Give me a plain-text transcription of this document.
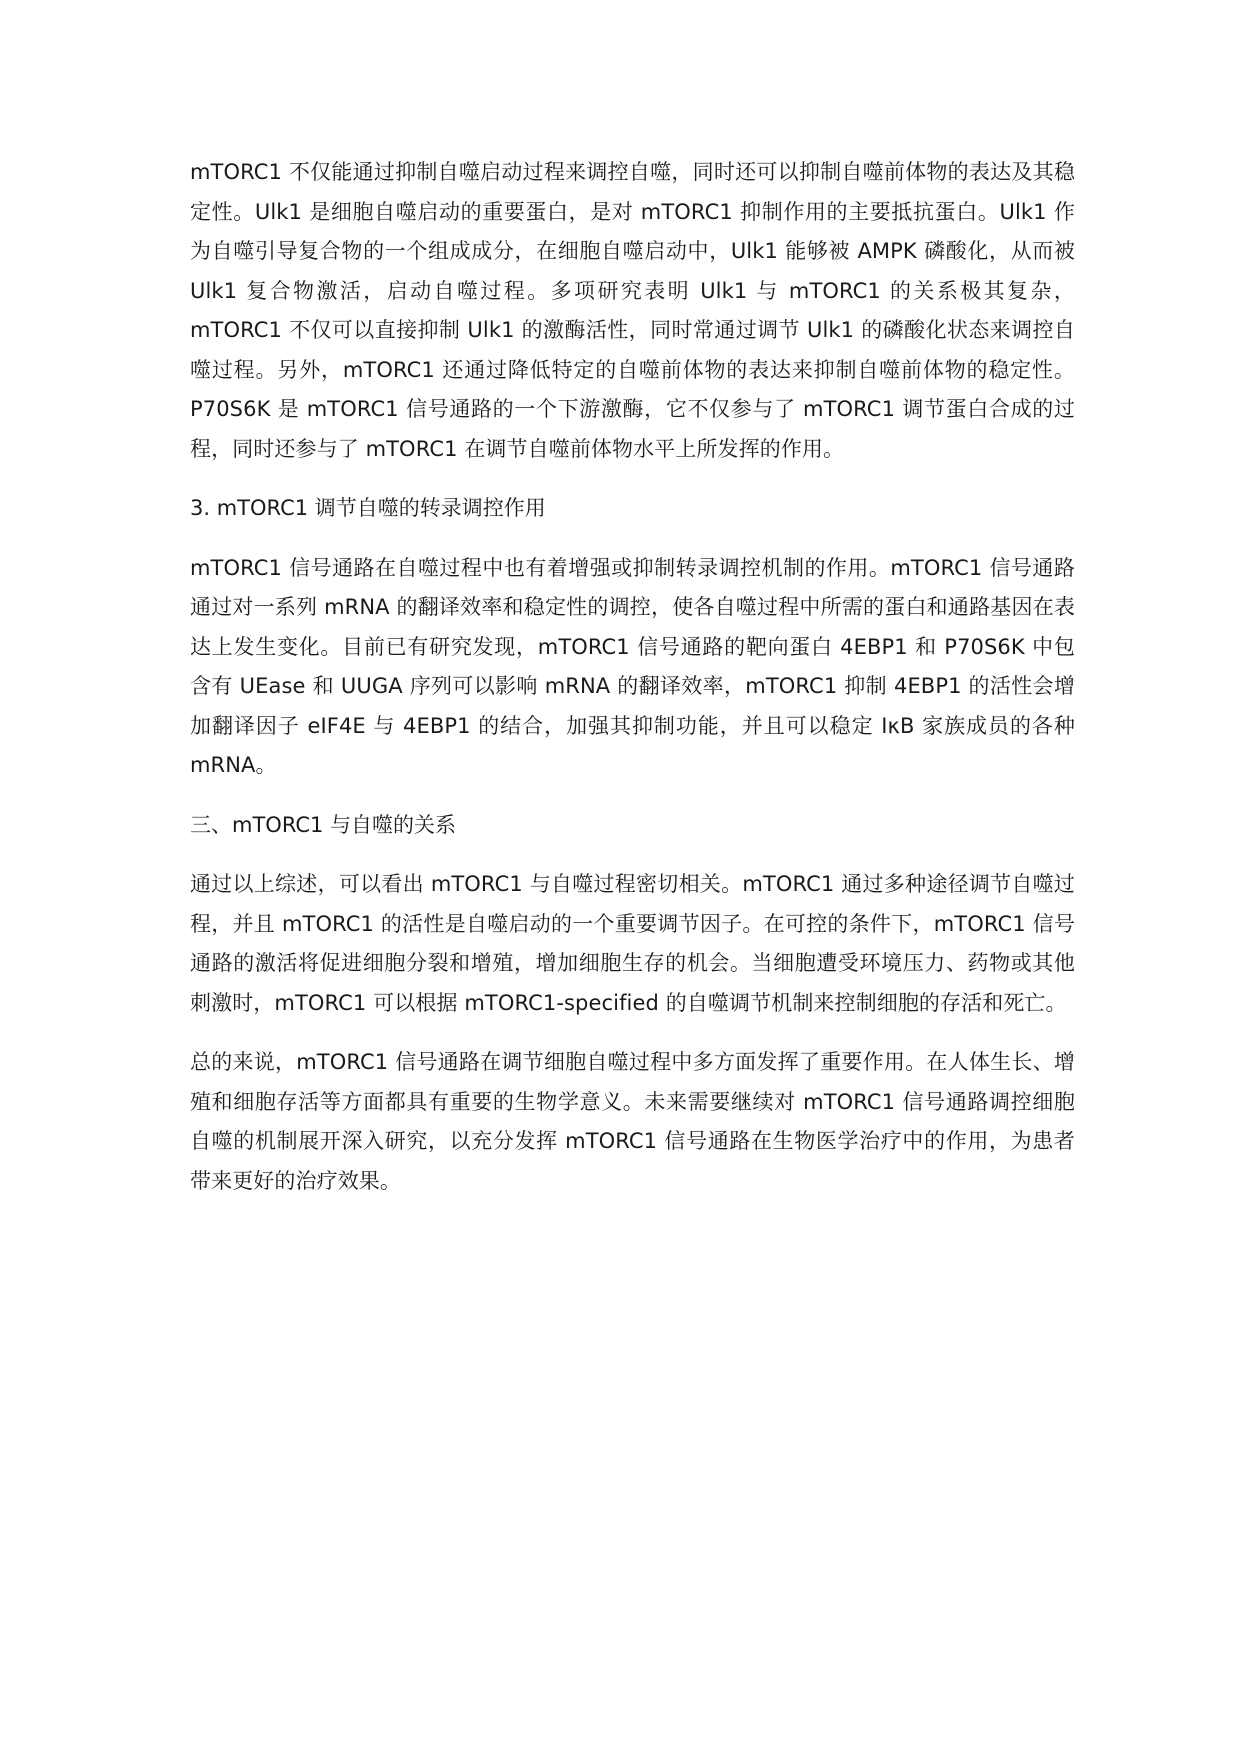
mTORC1 不仅能通过抑制自噬启动过程来调控自噬，同时还可以抑制自噬前体物的表达及其稳定性。Ulk1 是细胞自噬启动的重要蛋白，是对 mTORC1 抑制作用的主要抵抗蛋白。Ulk1 作为自噬引导复合物的一个组成成分，在细胞自噬启动中，Ulk1 能够被 AMPK 磷酸化，从而被 Ulk1 复合物激活，启动自噬过程。多项研究表明 Ulk1 与 mTORC1 的关系极其复杂，mTORC1 不仅可以直接抑制 Ulk1 的激酶活性，同时常通过调节 Ulk1 的磷酸化状态来调控自噬过程。另外，mTORC1 还通过降低特定的自噬前体物的表达来抑制自噬前体物的稳定性。P70S6K 是 mTORC1 信号通路的一个下游激酶，它不仅参与了 mTORC1 调节蛋白合成的过程，同时还参与了 mTORC1 在调节自噬前体物水平上所发挥的作用。

3. mTORC1 调节自噬的转录调控作用

mTORC1 信号通路在自噬过程中也有着增强或抑制转录调控机制的作用。mTORC1 信号通路通过对一系列 mRNA 的翻译效率和稳定性的调控，使各自噬过程中所需的蛋白和通路基因在表达上发生变化。目前已有研究发现，mTORC1 信号通路的靶向蛋白 4EBP1 和 P70S6K 中包含有 UEase 和 UUGA 序列可以影响 mRNA 的翻译效率，mTORC1 抑制 4EBP1 的活性会增加翻译因子 eIF4E 与 4EBP1 的结合，加强其抑制功能，并且可以稳定 IκB 家族成员的各种 mRNA。

三、mTORC1 与自噬的关系

通过以上综述，可以看出 mTORC1 与自噬过程密切相关。mTORC1 通过多种途径调节自噬过程，并且 mTORC1 的活性是自噬启动的一个重要调节因子。在可控的条件下，mTORC1 信号通路的激活将促进细胞分裂和增殖，增加细胞生存的机会。当细胞遭受环境压力、药物或其他刺激时，mTORC1 可以根据 mTORC1-specified 的自噬调节机制来控制细胞的存活和死亡。

总的来说，mTORC1 信号通路在调节细胞自噬过程中多方面发挥了重要作用。在人体生长、增殖和细胞存活等方面都具有重要的生物学意义。未来需要继续对 mTORC1 信号通路调控细胞自噬的机制展开深入研究，以充分发挥 mTORC1 信号通路在生物医学治疗中的作用，为患者带来更好的治疗效果。
